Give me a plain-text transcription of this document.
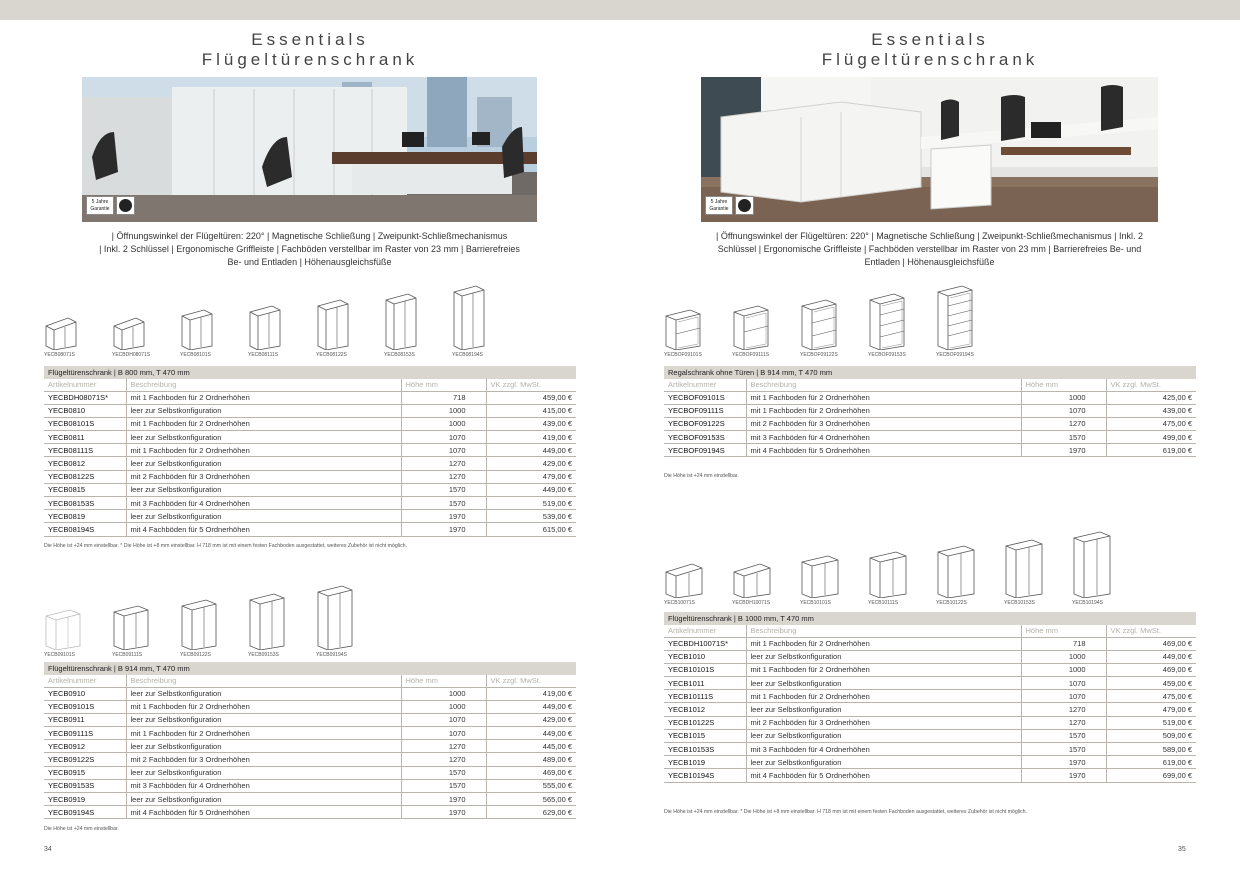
Essentials
Flügeltürenschrank
5 Jahre
Garantie
| Öffnungswinkel der Flügeltüren: 220° | Magnetische Schließung | Zweipunkt-Schließmechanismus
| Inkl. 2 Schlüssel | Ergonomische Griffleiste | Fachböden verstellbar im Raster von 23 mm | Barrierefreies
Be- und Entladen | Höhenausgleichsfüße
YECB08071S	YECBDH08071S	YECB08101S	YECB08111S	YECB08122S	YECB08153S	YECB08194S
Flügeltürenschrank | B 800 mm, T 470 mm			
Artikelnummer	Beschreibung	Höhe mm	VK zzgl. MwSt.
YECBDH08071S*	mit 1 Fachboden für 2 Ordnerhöhen	718	459,00 €
YECB0810	leer zur Selbstkonfiguration	1000	415,00 €
YECB08101S	mit 1 Fachboden für 2 Ordnerhöhen	1000	439,00 €
YECB0811	leer zur Selbstkonfiguration	1070	419,00 €
YECB08111S	mit 1 Fachboden für 2 Ordnerhöhen	1070	449,00 €
YECB0812	leer zur Selbstkonfiguration	1270	429,00 €
YECB08122S	mit 2 Fachböden für 3 Ordnerhöhen	1270	479,00 €
YECB0815	leer zur Selbstkonfiguration	1570	449,00 €
YECB08153S	mit 3 Fachböden für 4 Ordnerhöhen	1570	519,00 €
YECB0819	leer zur Selbstkonfiguration	1970	539,00 €
YECB08194S	mit 4 Fachböden für 5 Ordnerhöhen	1970	615,00 €
Die Höhe ist +24 mm einstellbar. * Die Höhe ist +8 mm einstellbar. H 718 mm ist mit einem festen Fachboden ausgestattet, weiteres Zubehör ist nicht möglich.
YECB09101S	YECB09111S	YECB09122S	YECB09153S	YECB09194S
Flügeltürenschrank | B 914 mm, T 470 mm			
Artikelnummer	Beschreibung	Höhe mm	VK zzgl. MwSt.
YECB0910	leer zur Selbstkonfiguration	1000	419,00 €
YECB09101S	mit 1 Fachboden für 2 Ordnerhöhen	1000	449,00 €
YECB0911	leer zur Selbstkonfiguration	1070	429,00 €
YECB09111S	mit 1 Fachboden für 2 Ordnerhöhen	1070	449,00 €
YECB0912	leer zur Selbstkonfiguration	1270	445,00 €
YECB09122S	mit 2 Fachböden für 3 Ordnerhöhen	1270	489,00 €
YECB0915	leer zur Selbstkonfiguration	1570	469,00 €
YECB09153S	mit 3 Fachböden für 4 Ordnerhöhen	1570	555,00 €
YECB0919	leer zur Selbstkonfiguration	1970	565,00 €
YECB09194S	mit 4 Fachböden für 5 Ordnerhöhen	1970	629,00 €
Die Höhe ist +24 mm einstellbar.
34
Essentials
Flügeltürenschrank
5 Jahre
Garantie
| Öffnungswinkel der Flügeltüren: 220° | Magnetische Schließung | Zweipunkt-Schließmechanismus | Inkl. 2
Schlüssel | Ergonomische Griffleiste | Fachböden verstellbar im Raster von 23 mm | Barrierefreies Be- und
Entladen | Höhenausgleichsfüße
YECBOF09101S	YECBOF09111S	YECBOF09122S	YECBOF09153S	YECBOF09194S
Regalschrank ohne Türen | B 914 mm, T 470 mm			
Artikelnummer	Beschreibung	Höhe mm	VK zzgl. MwSt.
YECBOF09101S	mit 1 Fachboden für 2 Ordnerhöhen	1000	425,00 €
YECBOF09111S	mit 1 Fachboden für 2 Ordnerhöhen	1070	439,00 €
YECBOF09122S	mit 2 Fachböden für 3 Ordnerhöhen	1270	475,00 €
YECBOF09153S	mit 3 Fachböden für 4 Ordnerhöhen	1570	499,00 €
YECBOF09194S	mit 4 Fachböden für 5 Ordnerhöhen	1970	619,00 €
Die Höhe ist +24 mm einstellbar.
YECB10071S	YECBDH10071S	YECB10101S	YECB10111S	YECB10122S	YECB10153S	YECB10194S
Flügeltürenschrank | B 1000 mm, T 470 mm			
Artikelnummer	Beschreibung	Höhe mm	VK zzgl. MwSt.
YECBDH10071S*	mit 1 Fachboden für 2 Ordnerhöhen	718	469,00 €
YECB1010	leer zur Selbstkonfiguration	1000	449,00 €
YECB10101S	mit 1 Fachboden für 2 Ordnerhöhen	1000	469,00 €
YECB1011	leer zur Selbstkonfiguration	1070	459,00 €
YECB10111S	mit 1 Fachboden für 2 Ordnerhöhen	1070	475,00 €
YECB1012	leer zur Selbstkonfiguration	1270	479,00 €
YECB10122S	mit 2 Fachböden für 3 Ordnerhöhen	1270	519,00 €
YECB1015	leer zur Selbstkonfiguration	1570	509,00 €
YECB10153S	mit 3 Fachböden für 4 Ordnerhöhen	1570	589,00 €
YECB1019	leer zur Selbstkonfiguration	1970	619,00 €
YECB10194S	mit 4 Fachböden für 5 Ordnerhöhen	1970	699,00 €
Die Höhe ist +24 mm einstellbar. * Die Höhe ist +8 mm einstellbar. H 718 mm ist mit einem festen Fachboden ausgestattet, weiteres Zubehör ist nicht möglich.
35
